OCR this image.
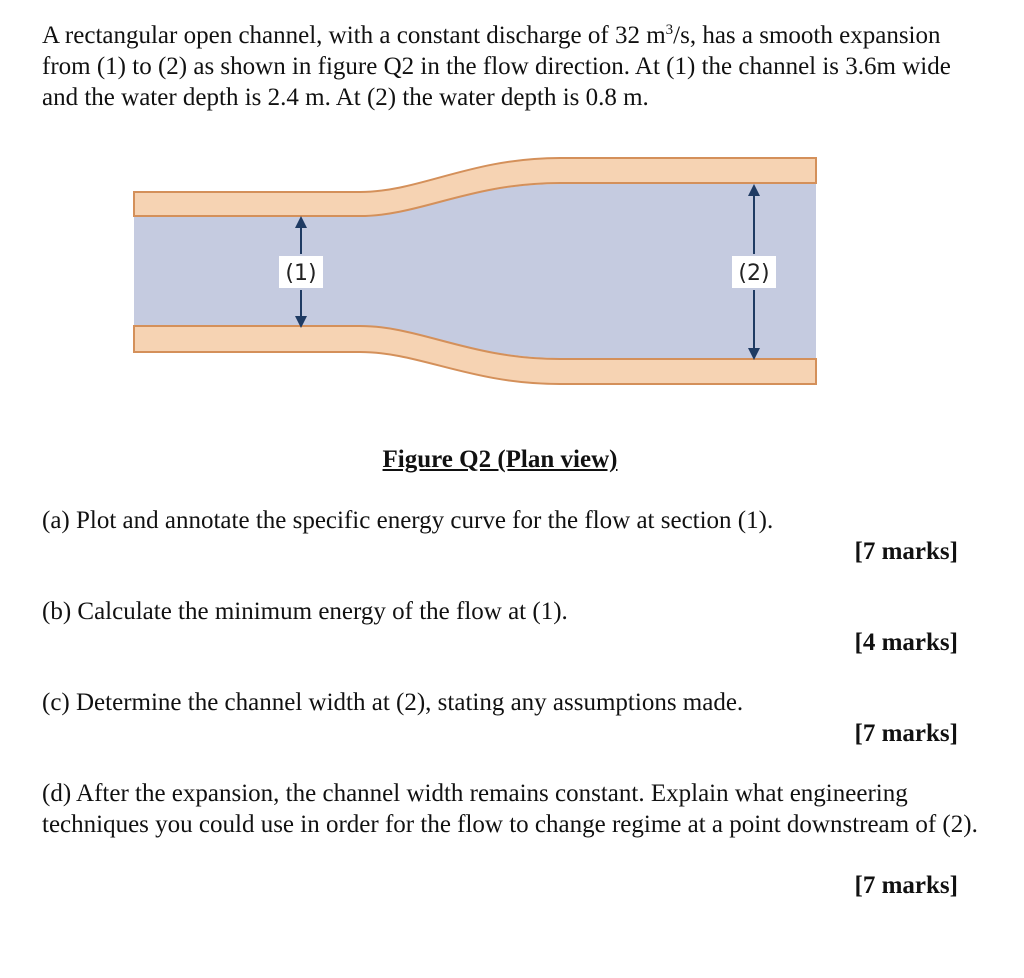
A rectangular open channel, with a constant discharge of 32 $m^3/s$, has a smooth expansion from (1) to (2) as shown in figure Q2 in the flow direction. At (1) the channel is 3.6m wide and the water depth is 2.4 m. At (2) the water depth is 0.8 m.

(1)	(2)
Figure Q2 (Plan view)

(a) Plot and annotate the specific energy curve for the flow at section (1).

[7 marks]

(b) Calculate the minimum energy of the flow at (1).

[4 marks]

(c) Determine the channel width at (2), stating any assumptions made.

[7 marks]

(d) After the expansion, the channel width remains constant. Explain what engineering techniques you could use in order for the flow to change regime at a point downstream of (2).

[7 marks]
